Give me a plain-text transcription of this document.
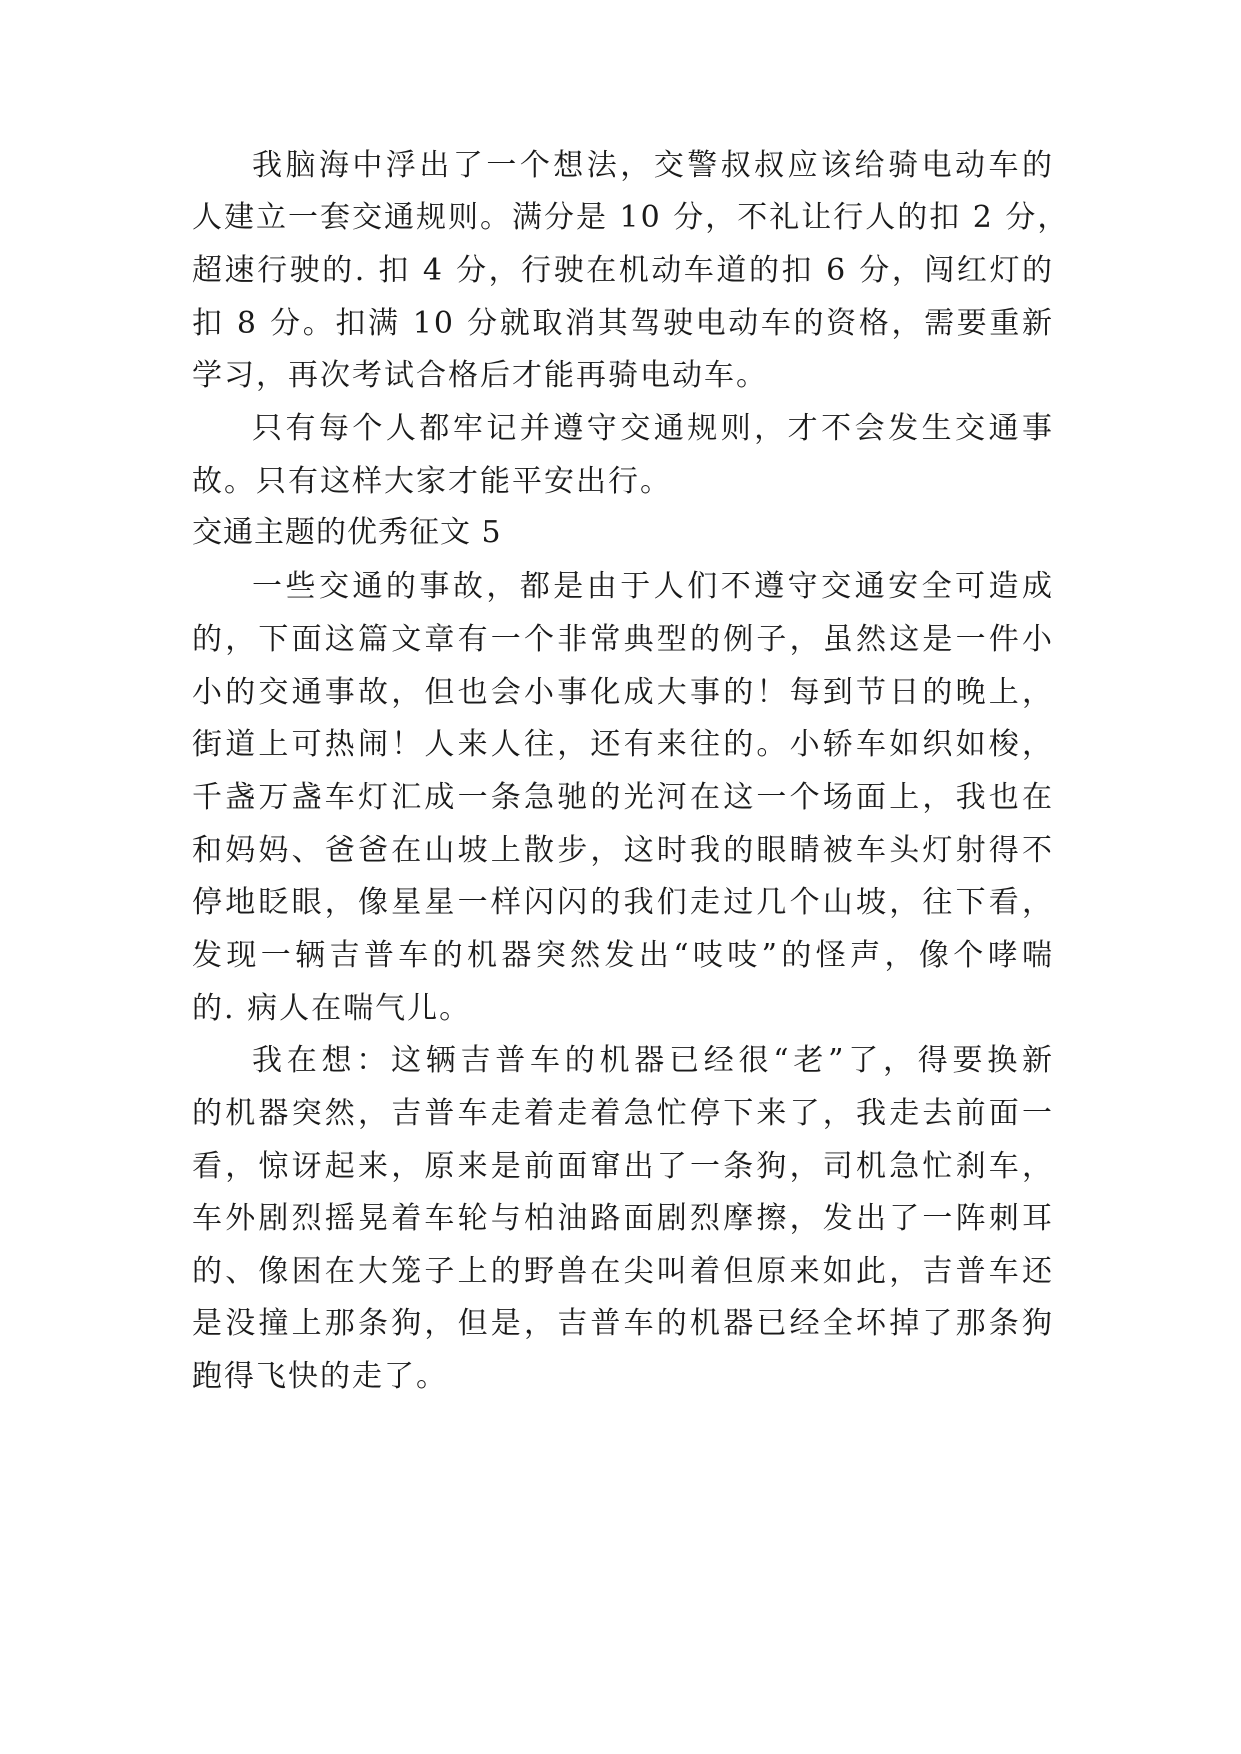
我脑海中浮出了一个想法，交警叔叔应该给骑电动车的
人建立一套交通规则。满分是 10 分，不礼让行人的扣 2 分，
超速行驶的. 扣 4 分，行驶在机动车道的扣 6 分，闯红灯的
扣 8 分。扣满 10 分就取消其驾驶电动车的资格，需要重新
学习，再次考试合格后才能再骑电动车。
只有每个人都牢记并遵守交通规则，才不会发生交通事
故。只有这样大家才能平安出行。
交通主题的优秀征文 5
一些交通的事故，都是由于人们不遵守交通安全可造成
的，下面这篇文章有一个非常典型的例子，虽然这是一件小
小的交通事故，但也会小事化成大事的！每到节日的晚上，
街道上可热闹！人来人往，还有来往的。小轿车如织如梭，
千盏万盏车灯汇成一条急驰的光河在这一个场面上，我也在
和妈妈、爸爸在山坡上散步，这时我的眼睛被车头灯射得不
停地眨眼，像星星一样闪闪的我们走过几个山坡，往下看，
发现一辆吉普车的机器突然发出“吱吱”的怪声，像个哮喘
的. 病人在喘气儿。
我在想：这辆吉普车的机器已经很“老”了，得要换新
的机器突然，吉普车走着走着急忙停下来了，我走去前面一
看，惊讶起来，原来是前面窜出了一条狗，司机急忙刹车，
车外剧烈摇晃着车轮与柏油路面剧烈摩擦，发出了一阵刺耳
的、像困在大笼子上的野兽在尖叫着但原来如此，吉普车还
是没撞上那条狗，但是，吉普车的机器已经全坏掉了那条狗
跑得飞快的走了。
